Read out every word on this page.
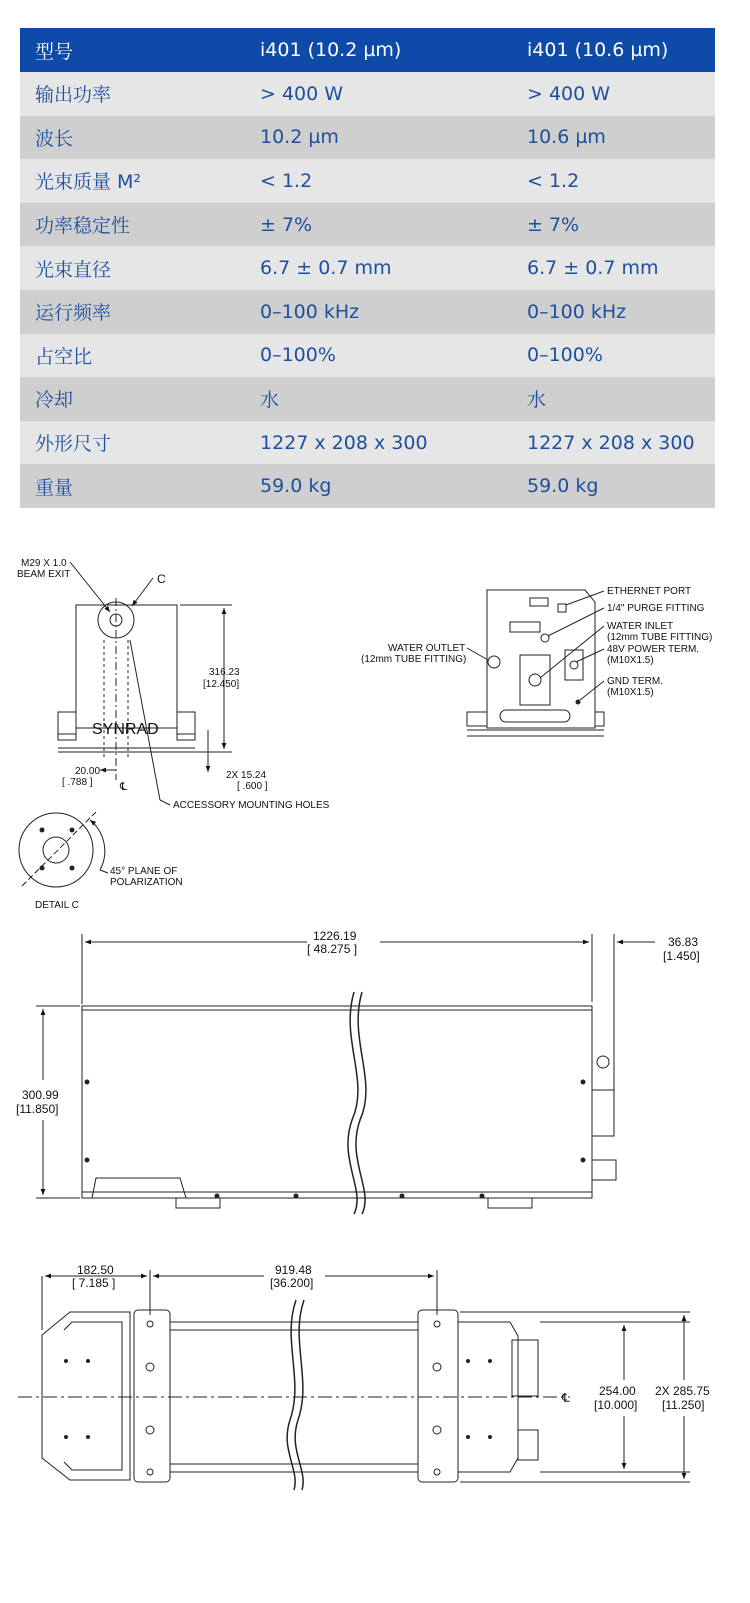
型号	i401 (10.2 µm)	i401 (10.6 µm)
输出功率	> 400 W	> 400 W
波长	10.2 µm	10.6 µm
光束质量 M²	< 1.2	< 1.2
功率稳定性	± 7%	± 7%
光束直径	6.7 ± 0.7 mm	6.7 ± 0.7 mm
运行频率	0–100 kHz	0–100 kHz
占空比	0–100%	0–100%
冷却	水	水
外形尺寸	1227 x 208 x 300	1227 x 208 x 300
重量	59.0 kg	59.0 kg
M29 X 1.0
BEAM EXIT	C
316.23
[12.450]
20.00
[ .788 ] ℄
2X 15.24
[ .600 ]
ACCESSORY MOUNTING HOLES
SYNRAD
45° PLANE OF
POLARIZATION
DETAIL C
ETHERNET PORT
1/4" PURGE FITTING
WATER INLET
(12mm TUBE FITTING)
48V POWER TERM.
(M10X1.5)
GND TERM.
(M10X1.5)
WATER OUTLET
(12mm TUBE FITTING)
1226.19
[ 48.275 ]	36.83
[1.450]
300.99
[11.850]
182.50
[ 7.185 ]
919.48
[36.200]
℄ 254.00
[10.000]
2X 285.75
[11.250]
